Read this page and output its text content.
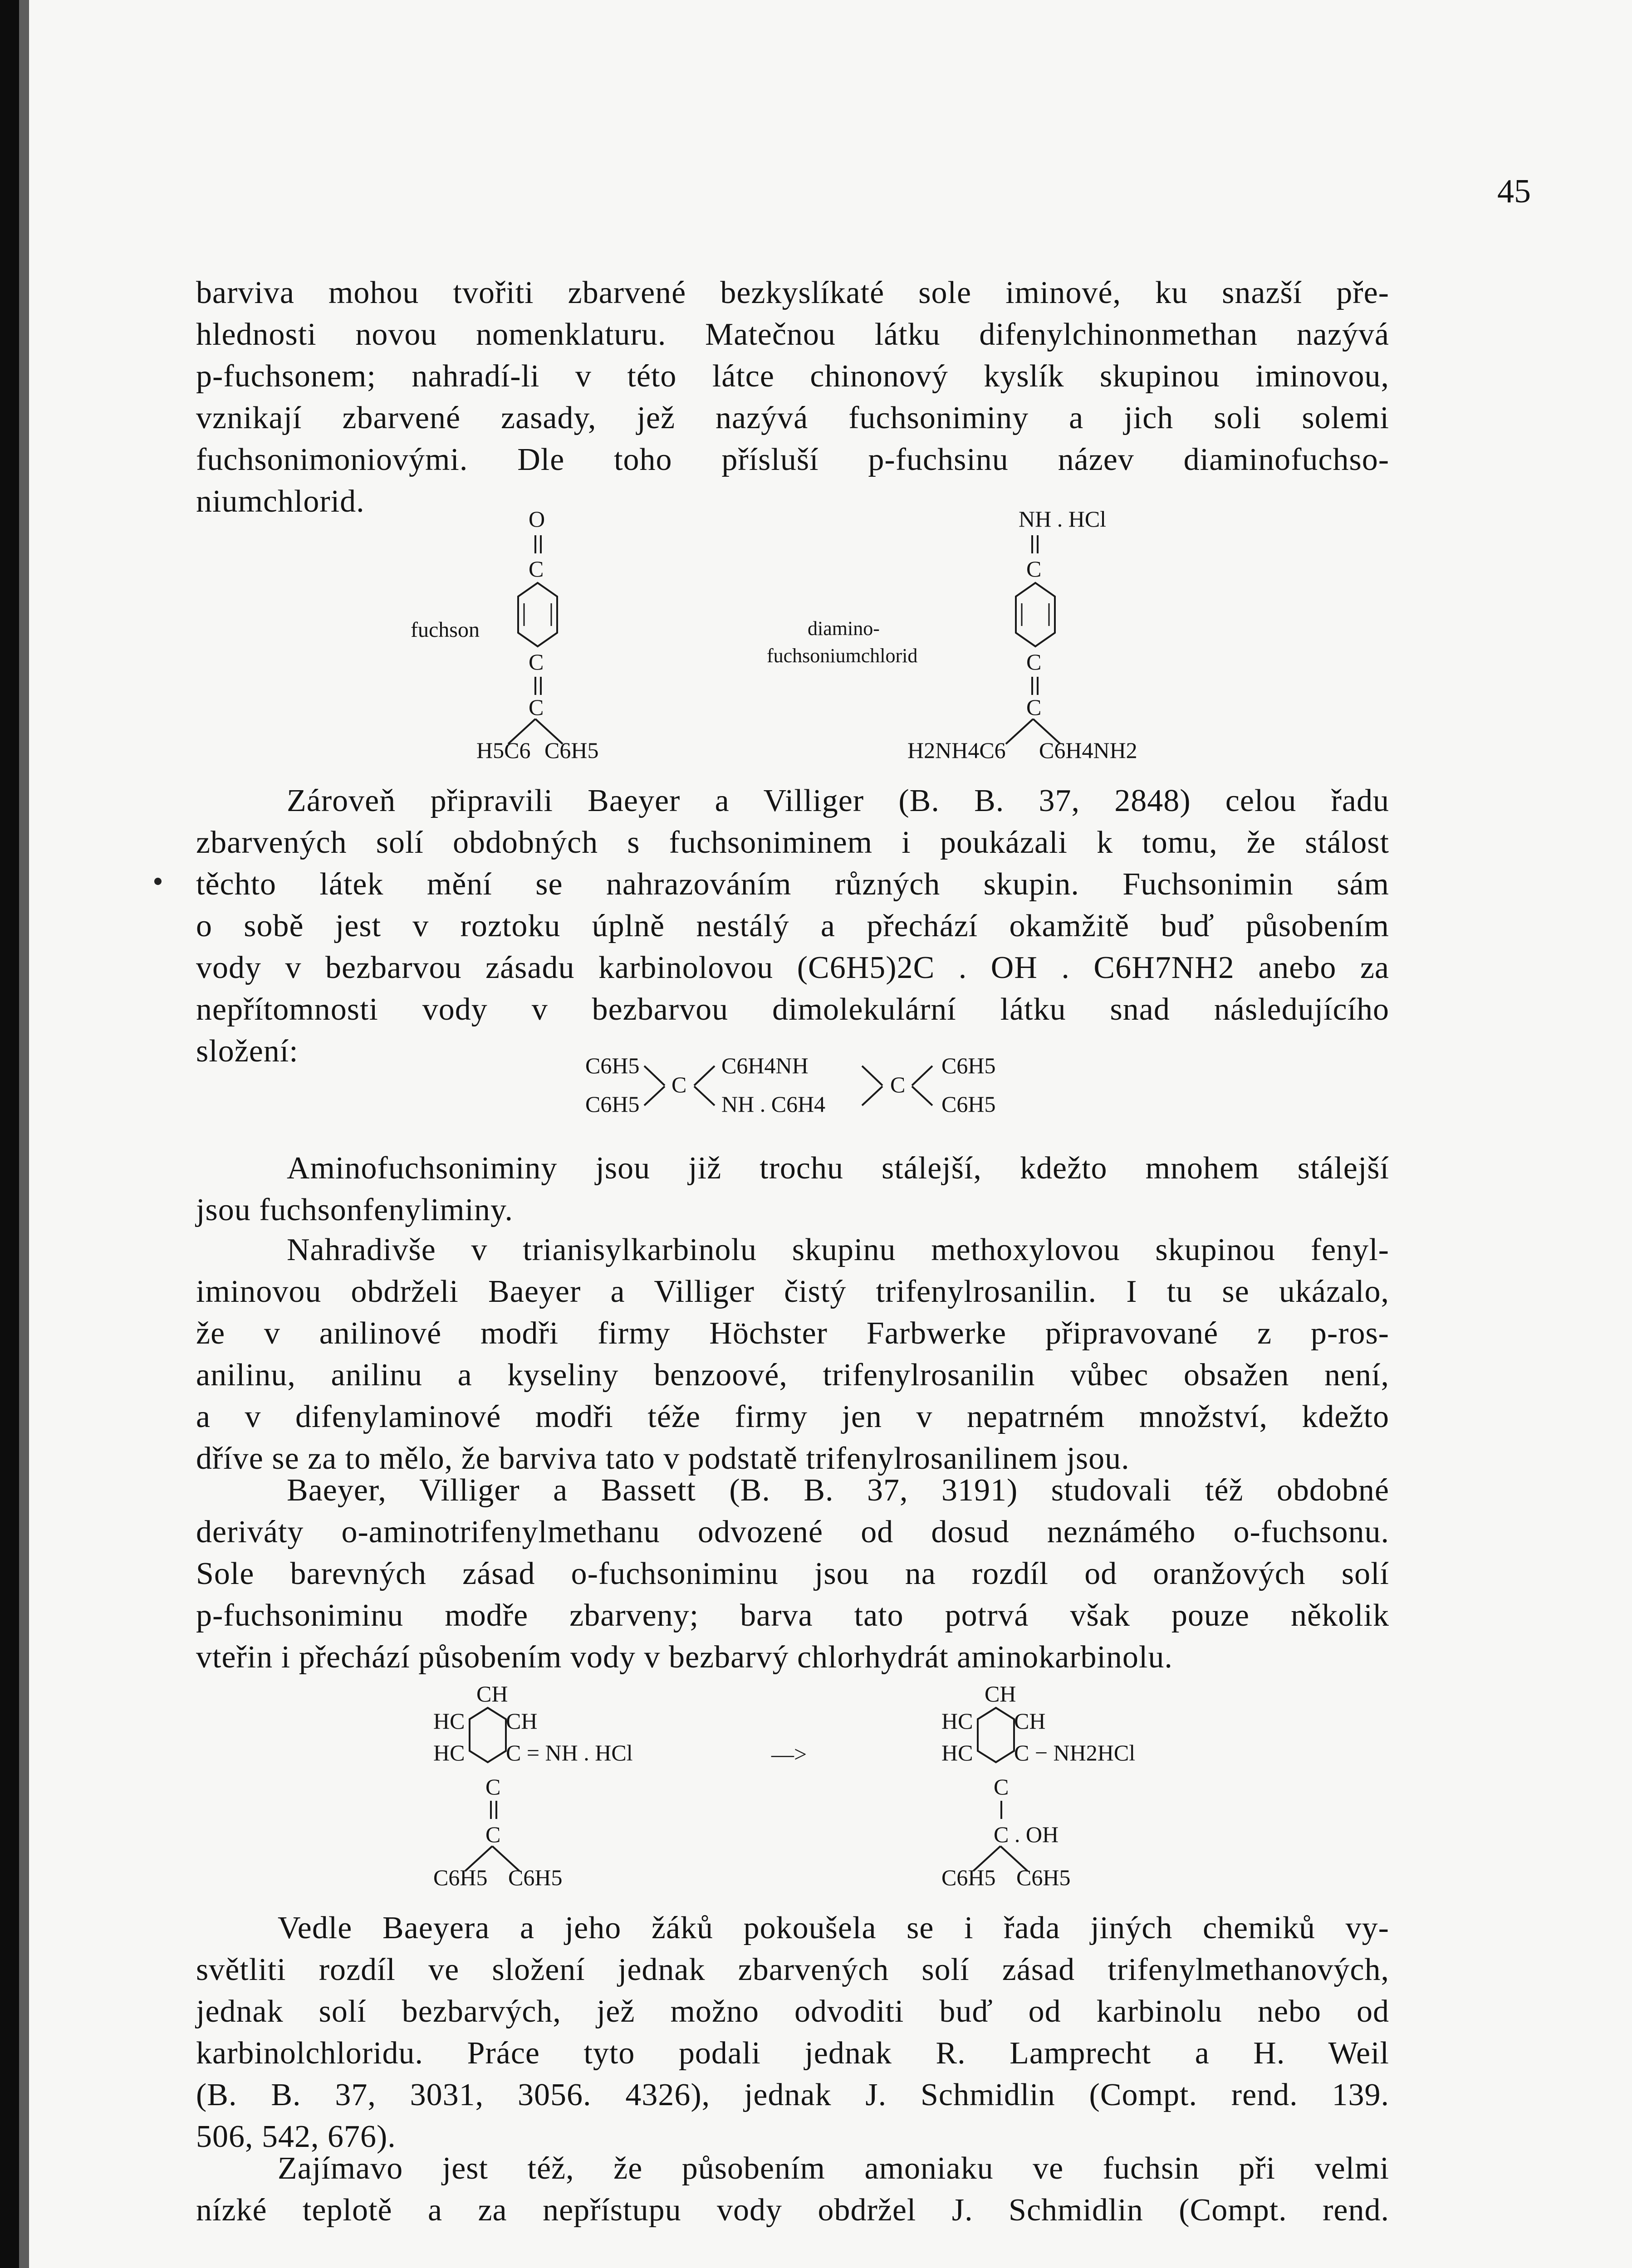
45
barviva mohou tvořiti zbarvené bezkyslíkaté sole iminové, ku snazší pře-
hlednosti novou nomenklaturu. Matečnou látku difenylchinonmethan nazývá
p-fuchsonem; nahradí-li v této látce chinonový kyslík skupinou iminovou,
vznikají zbarvené zasady, jež nazývá fuchsoniminy a jich soli solemi
fuchsonimoniovými. Dle toho přísluší p-fuchsinu název diaminofuchso-
niumchlorid.	O
C
fuchson
C
C
H5C6 C6H5
diamino-
fuchsoniumchlorid
NH . HCl
C
C
C
H2NH4C6 C6H4NH2
Zároveň připravili Baeyer a Villiger (B. B. 37, 2848) celou řadu
zbarvených solí obdobných s fuchsoniminem i poukázali k tomu, že stálost
těchto látek mění se nahrazováním různých skupin. Fuchsonimin sám
o sobě jest v roztoku úplně nestálý a přechází okamžitě buď působením
vody v bezbarvou zásadu karbinolovou (C6H5)2C . OH . C6H7NH2 anebo za
nepřítomnosti vody v bezbarvou dimolekulární látku snad následujícího
složení:	C6H5
C6H5
C
C6H4NH
NH . C6H4
C
C6H5
C6H5
Aminofuchsoniminy jsou již trochu stálejší, kdežto mnohem stálejší
jsou fuchsonfenyliminy.
Nahradivše v trianisylkarbinolu skupinu methoxylovou skupinou fenyl-
iminovou obdrželi Baeyer a Villiger čistý trifenylrosanilin. I tu se ukázalo,
že v anilinové modři firmy Höchster Farbwerke připravované z p-ros-
anilinu, anilinu a kyseliny benzoové, trifenylrosanilin vůbec obsažen není,
a v difenylaminové modři téže firmy jen v nepatrném množství, kdežto
dříve se za to mělo, že barviva tato v podstatě trifenylrosanilinem jsou.
Baeyer, Villiger a Bassett (B. B. 37, 3191) studovali též obdobné
deriváty o-aminotrifenylmethanu odvozené od dosud neznámého o-fuchsonu.
Sole barevných zásad o-fuchsoniminu jsou na rozdíl od oranžových solí
p-fuchsoniminu modře zbarveny; barva tato potrvá však pouze několik
vteřin i přechází působením vody v bezbarvý chlorhydrát aminokarbinolu.
CH
HC CH
HC C = NH . HCl
C
C
C6H5 C6H5
—>
CH
HC CH
HC C − NH2HCl
C
C . OH
C6H5 C6H5
Vedle Baeyera a jeho žáků pokoušela se i řada jiných chemiků vy-
světliti rozdíl ve složení jednak zbarvených solí zásad trifenylmethanových,
jednak solí bezbarvých, jež možno odvoditi buď od karbinolu nebo od
karbinolchloridu. Práce tyto podali jednak R. Lamprecht a H. Weil
(B. B. 37, 3031, 3056. 4326), jednak J. Schmidlin (Compt. rend. 139.
506, 542, 676).
Zajímavo jest též, že působením amoniaku ve fuchsin při velmi
nízké teplotě a za nepřístupu vody obdržel J. Schmidlin (Compt. rend.
